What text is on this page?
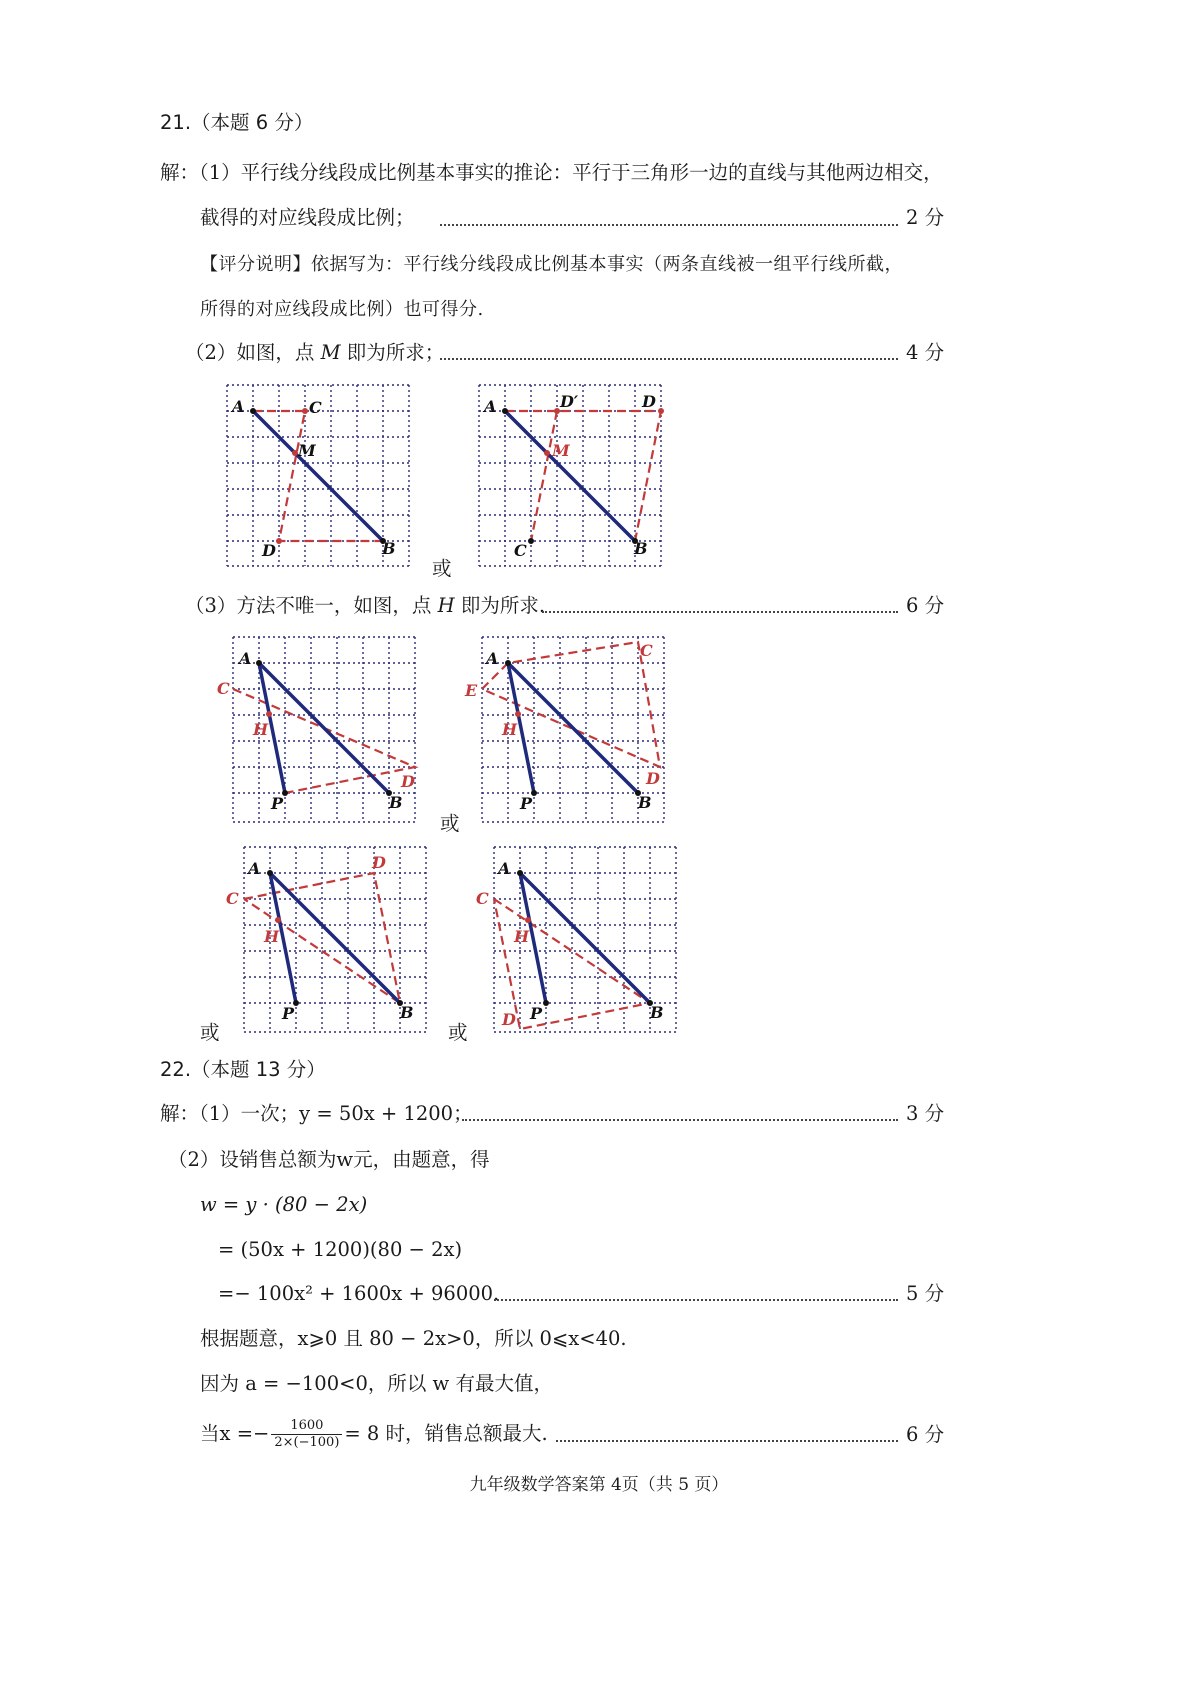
21.（本题 6 分）
解：（1）平行线分线段成比例基本事实的推论：平行于三角形一边的直线与其他两边相交，
截得的对应线段成比例；	2 分
【评分说明】依据写为：平行线分线段成比例基本事实（两条直线被一组平行线所截，
所得的对应线段成比例）也可得分.
（2）如图，点 M 即为所求；	4 分
A	C
M
D	B
或
A	D′	D
M
C	B
（3）方法不唯一，如图，点 H 即为所求.	6 分
A
C
H
D
P	B
或
A	C
E
H
D
P	B
A	D
C
H
P	B
或	或
A
C
H
D P	B
22.（本题 13 分）
解：（1）一次；y = 50x + 1200；	3 分
（2）设销售总额为w元，由题意，得
w = y · (80 − 2x)
= (50x + 1200)(80 − 2x)
=− 100x² + 1600x + 96000.	5 分
根据题意，x⩾0 且 80 − 2x>0，所以 0⩽x<40.
因为 a = −100<0，所以 w 有最大值，
当$x =- \frac{1600}{2\times(-100)} = 8$ 时，销售总额最大.	6 分
九年级数学答案第 4页（共 5 页）
